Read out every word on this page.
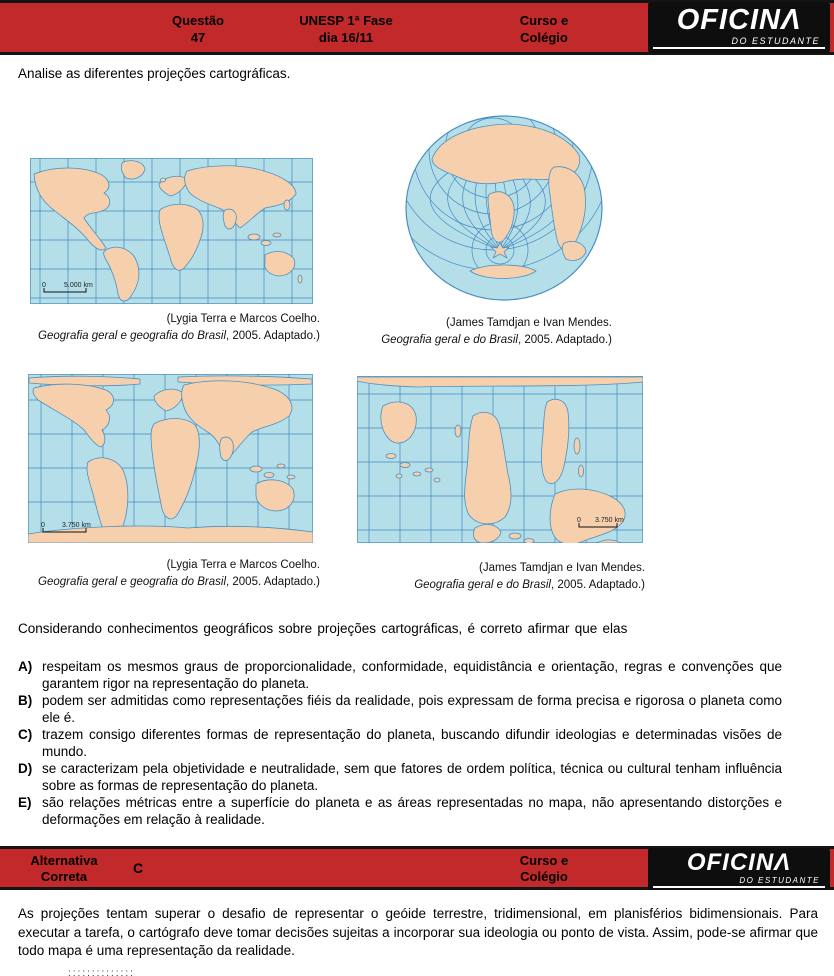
Questão
47
UNESP 1ª Fase
dia 16/11
Curso e
Colégio
OFICINΛ
DO ESTUDANTE
Analise as diferentes projeções cartográficas.
0	5.000 km
(Lygia Terra e Marcos Coelho.
Geografia geral e geografia do Brasil, 2005. Adaptado.)
(James Tamdjan e Ivan Mendes.
Geografia geral e do Brasil, 2005. Adaptado.)
0 3.750 km
(Lygia Terra e Marcos Coelho.
Geografia geral e geografia do Brasil, 2005. Adaptado.)
0 3.750 km
(James Tamdjan e Ivan Mendes.
Geografia geral e do Brasil, 2005. Adaptado.)
Considerando conhecimentos geográficos sobre projeções cartográficas, é correto afirmar que elas
A) respeitam os mesmos graus de proporcionalidade, conformidade, equidistância e orientação, regras e convenções que garantem rigor na representação do planeta.
B) podem ser admitidas como representações fiéis da realidade, pois expressam de forma precisa e rigorosa o planeta como ele é.
C) trazem consigo diferentes formas de representação do planeta, buscando difundir ideologias e determinadas visões de mundo.
D) se caracterizam pela objetividade e neutralidade, sem que fatores de ordem política, técnica ou cultural tenham influência sobre as formas de representação do planeta.
E) são relações métricas entre a superfície do planeta e as áreas representadas no mapa, não apresentando distorções e deformações em relação à realidade.
Alternativa
Correta
C	Curso e
Colégio
OFICINΛ
DO ESTUDANTE
As projeções tentam superar o desafio de representar o geóide terrestre, tridimensional, em planisférios bidimensionais. Para executar a tarefa, o cartógrafo deve tomar decisões sujeitas a incorporar sua ideologia ou ponto de vista. Assim, pode-se afirmar que todo mapa é uma representação da realidade.
::::::::::::::
